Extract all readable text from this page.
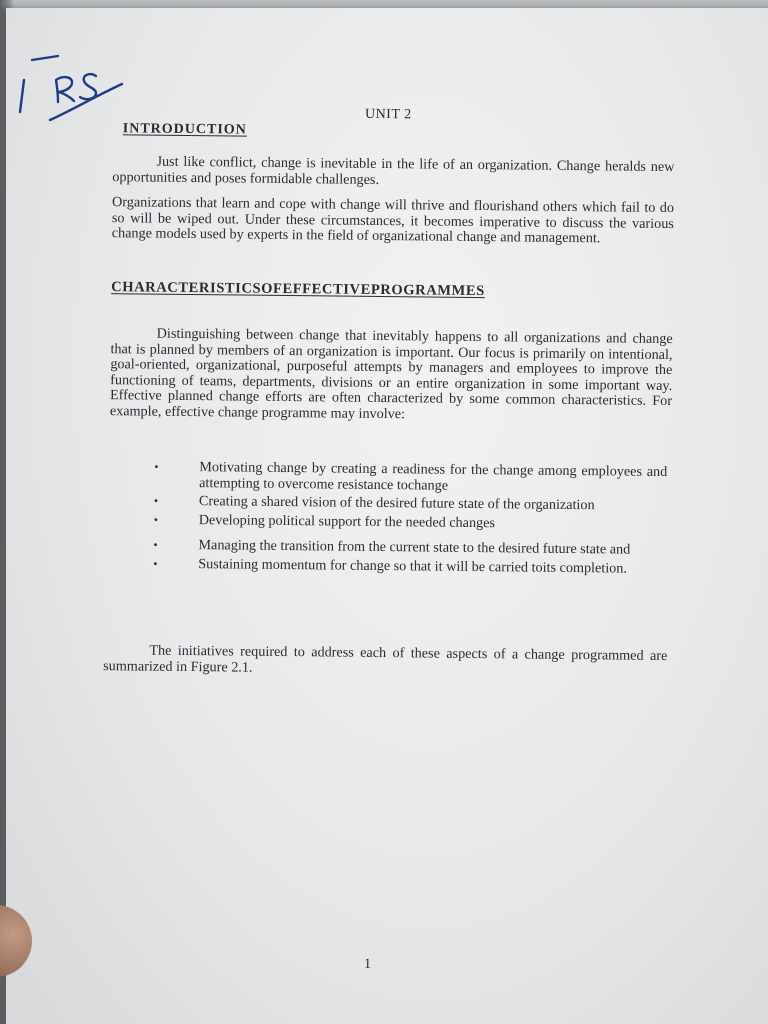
UNIT 2
INTRODUCTION
Just like conflict, change is inevitable in the life of an organization. Change heralds new opportunities and poses formidable challenges.
Organizations that learn and cope with change will thrive and flourishand others which fail to do so will be wiped out. Under these circumstances, it becomes imperative to discuss the various change models used by experts in the field of organizational change and management.
CHARACTERISTICSOFEFFECTIVEPROGRAMMES
Distinguishing between change that inevitably happens to all organizations and change that is planned by members of an organization is important. Our focus is primarily on intentional, goal-oriented, organizational, purposeful attempts by managers and employees to improve the functioning of teams, departments, divisions or an entire organization in some important way. Effective planned change efforts are often characterized by some common characteristics. For example, effective change programme may involve:
•	Motivating change by creating a readiness for the change among employees and attempting to overcome resistance tochange
•	Creating a shared vision of the desired future state of the organization
•	Developing political support for the needed changes
•	Managing the transition from the current state to the desired future state and
•	Sustaining momentum for change so that it will be carried toits completion.
The initiatives required to address each of these aspects of a change programmed are summarized in Figure 2.1.
1
